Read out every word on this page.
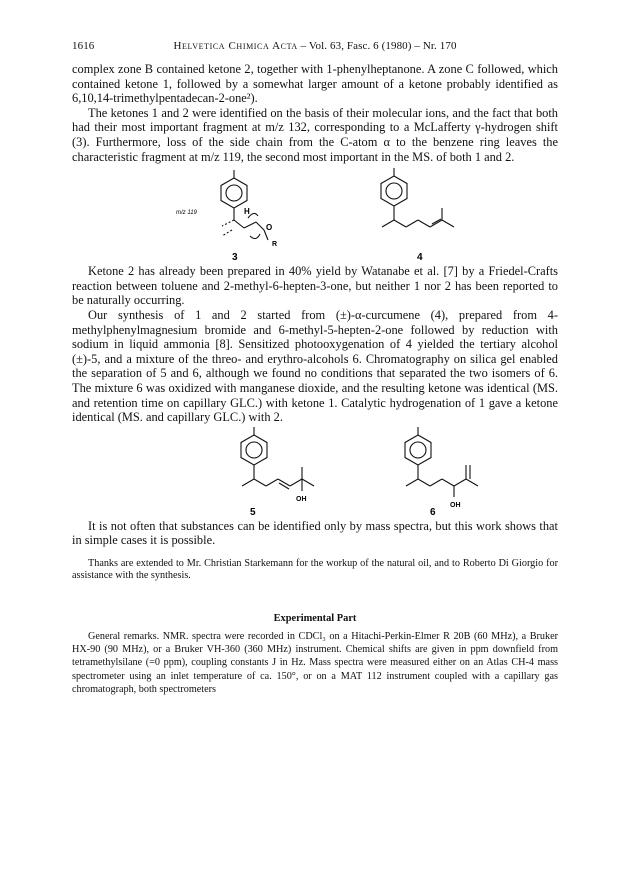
1616	Helvetica Chimica Acta – Vol. 63, Fasc. 6 (1980) – Nr. 170

complex zone B contained ketone 2, together with 1-phenylheptanone. A zone C followed, which contained ketone 1, followed by a somewhat larger amount of a ketone probably identified as 6,10,14-trimethylpentadecan-2-one²).

The ketones 1 and 2 were identified on the basis of their molecular ions, and the fact that both had their most important fragment at m/z 132, corresponding to a McLafferty γ-hydrogen shift (3). Furthermore, loss of the side chain from the C-atom α to the benzene ring leaves the characteristic fragment at m/z 119, the second most important in the MS. of both 1 and 2.

m/z 119	H
O
R
3	4

Ketone 2 has already been prepared in 40% yield by Watanabe et al. [7] by a Friedel-Crafts reaction between toluene and 2-methyl-6-hepten-3-one, but neither 1 nor 2 has been reported to be naturally occurring.

Our synthesis of 1 and 2 started from (±)-α-curcumene (4), prepared from 4-methylphenylmagnesium bromide and 6-methyl-5-hepten-2-one followed by reduction with sodium in liquid ammonia [8]. Sensitized photooxygenation of 4 yielded the tertiary alcohol (±)-5, and a mixture of the threo- and erythro-alcohols 6. Chromatography on silica gel enabled the separation of 5 and 6, although we found no conditions that separated the two isomers of 6. The mixture 6 was oxidized with manganese dioxide, and the resulting ketone was identical (MS. and retention time on capillary GLC.) with ketone 1. Catalytic hydrogenation of 1 gave a ketone identical (MS. and capillary GLC.) with 2.

OH
OH
5	6

It is not often that substances can be identified only by mass spectra, but this work shows that in simple cases it is possible.

Thanks are extended to Mr. Christian Starkemann for the workup of the natural oil, and to Roberto Di Giorgio for assistance with the synthesis.

Experimental Part

General remarks. NMR. spectra were recorded in CDCl₃ on a Hitachi-Perkin-Elmer R 20B (60 MHz), a Bruker HX-90 (90 MHz), or a Bruker VH-360 (360 MHz) instrument. Chemical shifts are given in ppm downfield from tetramethylsilane (=0 ppm), coupling constants J in Hz. Mass spectra were measured either on an Atlas CH-4 mass spectrometer using an inlet temperature of ca. 150°, or on a MAT 112 instrument coupled with a capillary gas chromatograph, both spectrometers
